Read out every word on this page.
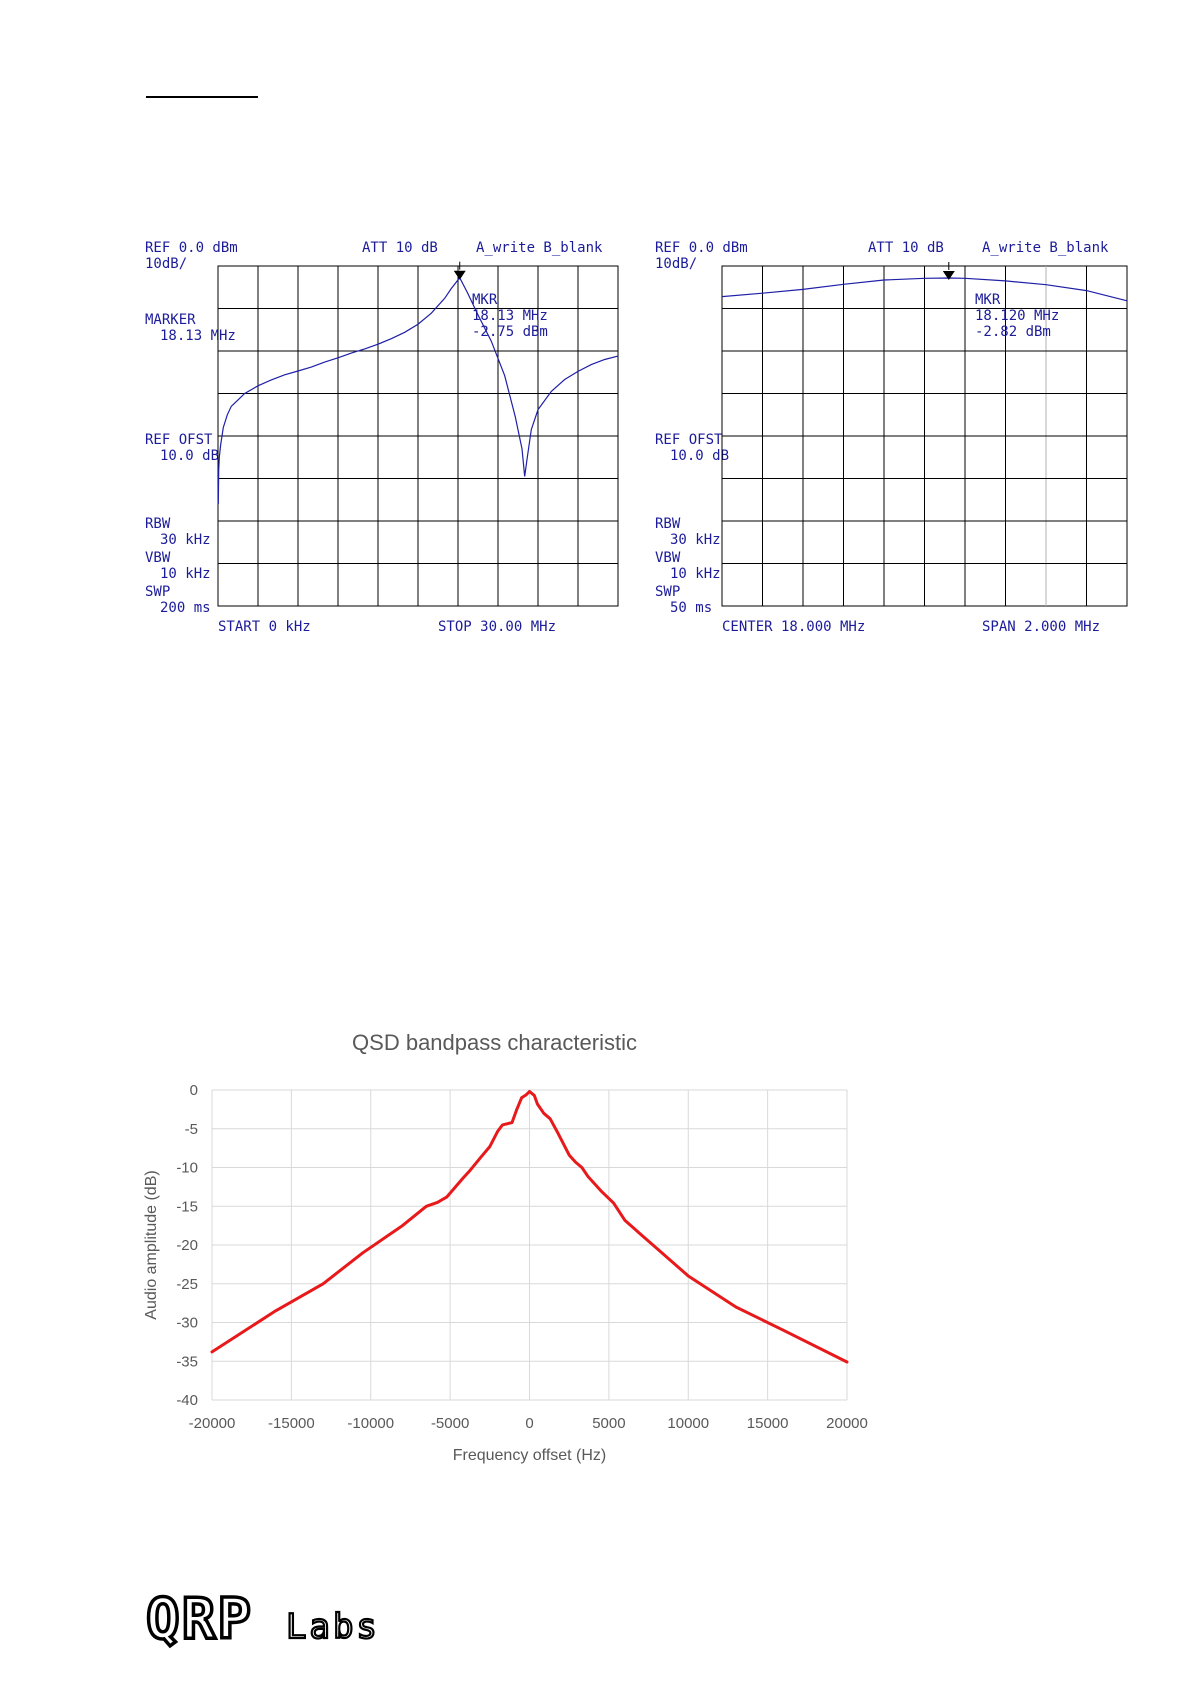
REF 0.0 dBm
10dB/
ATT 10 dB	A_write B_blank
MARKER
18.13 MHz
REF OFST
10.0 dB
RBW
30 kHz
VBW
10 kHz
SWP
200 ms
MKR
18.13 MHz
-2.75 dBm
START 0 kHz	STOP 30.00 MHz
REF 0.0 dBm
10dB/
ATT 10 dB	A_write B_blank
REF OFST
10.0 dB
RBW
30 kHz
VBW
10 kHz
SWP
50 ms
MKR
18.120 MHz
-2.82 dBm
CENTER 18.000 MHz	SPAN 2.000 MHz
QSD bandpass characteristic
-20000 -15000 -10000 -5000	0	5000	10000	15000	20000
0
-5
-10
-15
-20
-25
-30
-35
-40
Frequency offset (Hz)
Audio amplitude (dB)
QRP Labs
